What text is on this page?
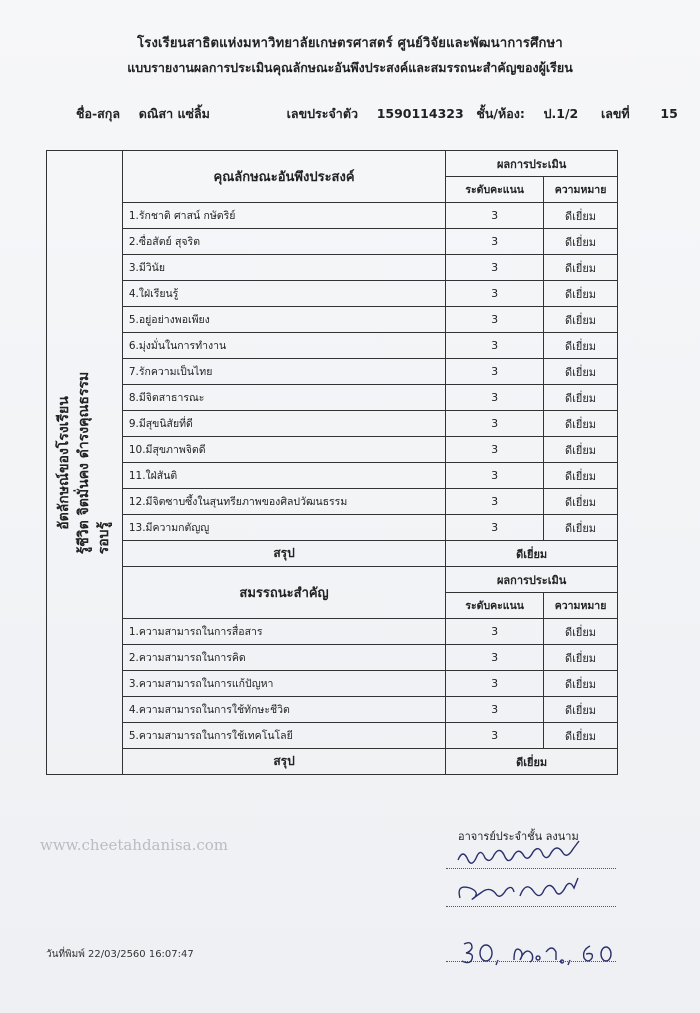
โรงเรียนสาธิตแห่งมหาวิทยาลัยเกษตรศาสตร์ ศูนย์วิจัยและพัฒนาการศึกษา
แบบรายงานผลการประเมินคุณลักษณะอันพึงประสงค์และสมรรถนะสำคัญของผู้เรียน
ชื่อ-สกุล ดณิสา แซ่ลิ้ม	เลขประจำตัว 1590114323 ชั้น/ห้อง: ป.1/2 เลขที่ 15
อัตลักษณ์ของโรงเรียน รู้ชีวิต จิตมั่นคง ดำรงคุณธรรม รอบรู้	คุณลักษณะอันพึงประสงค์	ผลการประเมิน	
		ระดับคะแนน	ความหมาย
	1.รักชาติ ศาสน์ กษัตริย์	3	ดีเยี่ยม
	2.ซื่อสัตย์ สุจริต	3	ดีเยี่ยม
	3.มีวินัย	3	ดีเยี่ยม
	4.ใฝ่เรียนรู้	3	ดีเยี่ยม
	5.อยู่อย่างพอเพียง	3	ดีเยี่ยม
	6.มุ่งมั่นในการทำงาน	3	ดีเยี่ยม
	7.รักความเป็นไทย	3	ดีเยี่ยม
	8.มีจิตสาธารณะ	3	ดีเยี่ยม
	9.มีสุขนิสัยที่ดี	3	ดีเยี่ยม
	10.มีสุขภาพจิตดี	3	ดีเยี่ยม
	11.ใฝ่สันติ	3	ดีเยี่ยม
	12.มีจิตซาบซึ้งในสุนทรียภาพของศิลปวัฒนธรรม	3	ดีเยี่ยม
	13.มีความกตัญญู	3	ดีเยี่ยม
	สรุป	ดีเยี่ยม	
	สมรรถนะสำคัญ	ผลการประเมิน	
		ระดับคะแนน	ความหมาย
	1.ความสามารถในการสื่อสาร	3	ดีเยี่ยม
	2.ความสามารถในการคิด	3	ดีเยี่ยม
	3.ความสามารถในการแก้ปัญหา	3	ดีเยี่ยม
	4.ความสามารถในการใช้ทักษะชีวิต	3	ดีเยี่ยม
	5.ความสามารถในการใช้เทคโนโลยี	3	ดีเยี่ยม
	สรุป	ดีเยี่ยม	
www.cheetahdanisa.com	อาจารย์ประจำชั้น ลงนาม
วันที่พิมพ์ 22/03/2560 16:07:47
